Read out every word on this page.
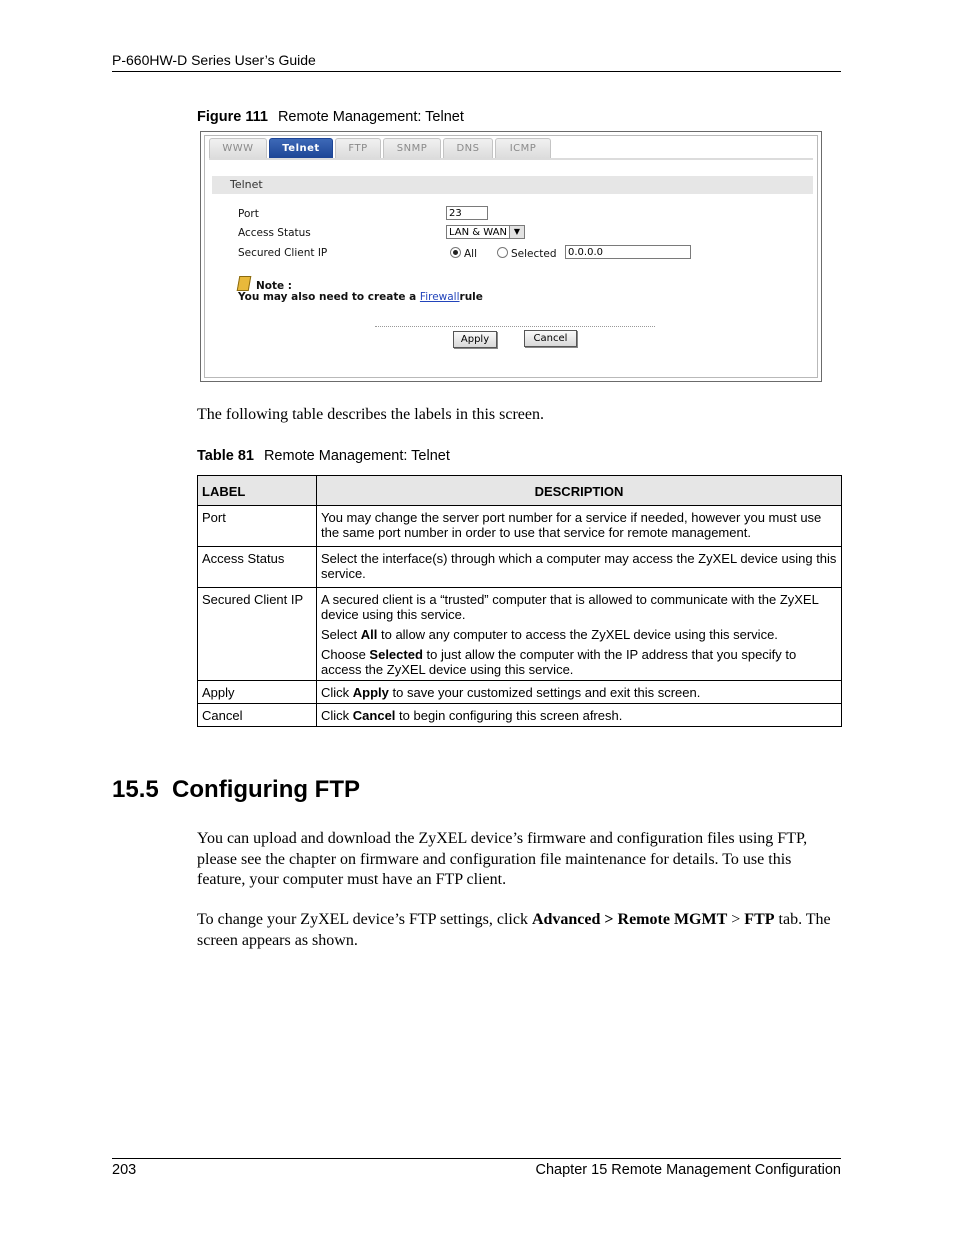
P-660HW-D Series User’s Guide
Figure 111 Remote Management: Telnet
WWW	Telnet	FTP	SNMP	DNS	ICMP
Telnet
Port	23
Access Status	LAN & WAN ▼
Secured Client IP	All	Selected	0.0.0.0
Note :
You may also need to create a Firewallrule
Apply	Cancel
The following table describes the labels in this screen.
Table 81 Remote Management: Telnet
LABEL	DESCRIPTION
Port	You may change the server port number for a service if needed, however you must use the same port number in order to use that service for remote management.

Access Status	Select the interface(s) through which a computer may access the ZyXEL device using this service.

Secured Client IP	A secured client is a “trusted” computer that is allowed to communicate with the ZyXEL device using this service.

Select All to allow any computer to access the ZyXEL device using this service.

Choose Selected to just allow the computer with the IP address that you specify to access the ZyXEL device using this service.

Apply	Click Apply to save your customized settings and exit this screen.

Cancel	Click Cancel to begin configuring this screen afresh.

15.5  Configuring FTP
You can upload and download the ZyXEL device’s firmware and configuration files using FTP, please see the chapter on firmware and configuration file maintenance for details. To use this feature, your computer must have an FTP client.
To change your ZyXEL device’s FTP settings, click Advanced > Remote MGMT > FTP tab. The screen appears as shown.
203	Chapter 15 Remote Management Configuration
